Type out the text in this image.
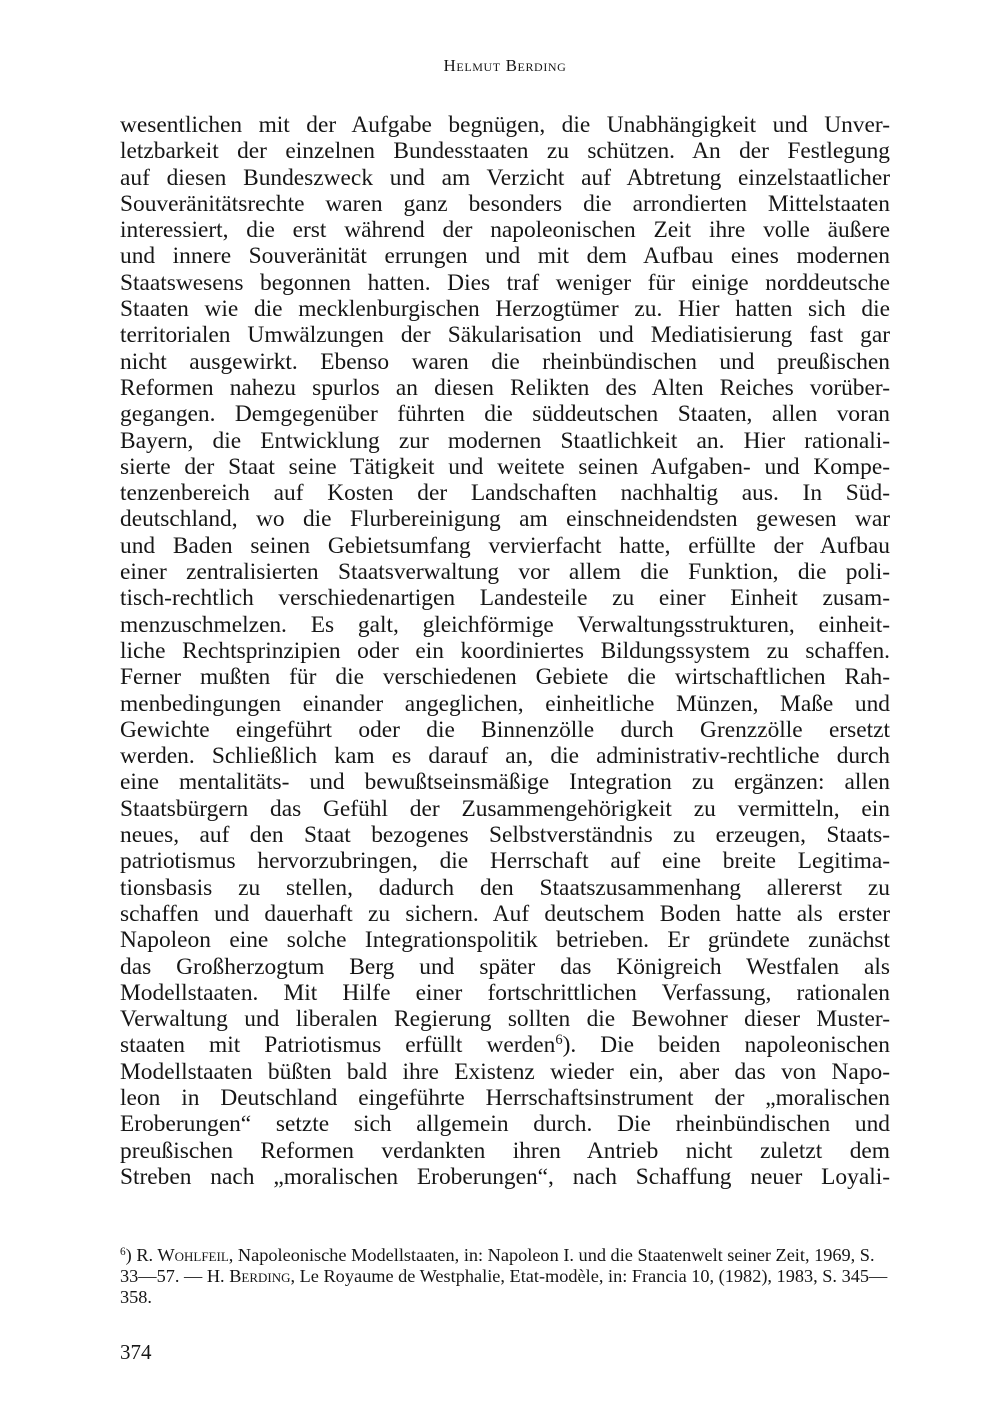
Helmut Berding
wesentlichen mit der Aufgabe begnügen, die Unabhängigkeit und Unver-
letzbarkeit der einzelnen Bundesstaaten zu schützen. An der Festlegung
auf diesen Bundeszweck und am Verzicht auf Abtretung einzelstaatlicher
Souveränitätsrechte waren ganz besonders die arrondierten Mittelstaaten
interessiert, die erst während der napoleonischen Zeit ihre volle äußere
und innere Souveränität errungen und mit dem Aufbau eines modernen
Staatswesens begonnen hatten. Dies traf weniger für einige norddeutsche
Staaten wie die mecklenburgischen Herzogtümer zu. Hier hatten sich die
territorialen Umwälzungen der Säkularisation und Mediatisierung fast gar
nicht ausgewirkt. Ebenso waren die rheinbündischen und preußischen
Reformen nahezu spurlos an diesen Relikten des Alten Reiches vorüber-
gegangen. Demgegenüber führten die süddeutschen Staaten, allen voran
Bayern, die Entwicklung zur modernen Staatlichkeit an. Hier rationali-
sierte der Staat seine Tätigkeit und weitete seinen Aufgaben- und Kompe-
tenzenbereich auf Kosten der Landschaften nachhaltig aus. In Süd-
deutschland, wo die Flurbereinigung am einschneidendsten gewesen war
und Baden seinen Gebietsumfang vervierfacht hatte, erfüllte der Aufbau
einer zentralisierten Staatsverwaltung vor allem die Funktion, die poli-
tisch-rechtlich verschiedenartigen Landesteile zu einer Einheit zusam-
menzuschmelzen. Es galt, gleichförmige Verwaltungsstrukturen, einheit-
liche Rechtsprinzipien oder ein koordiniertes Bildungssystem zu schaffen.
Ferner mußten für die verschiedenen Gebiete die wirtschaftlichen Rah-
menbedingungen einander angeglichen, einheitliche Münzen, Maße und
Gewichte eingeführt oder die Binnenzölle durch Grenzzölle ersetzt
werden. Schließlich kam es darauf an, die administrativ-rechtliche durch
eine mentalitäts- und bewußtseinsmäßige Integration zu ergänzen: allen
Staatsbürgern das Gefühl der Zusammengehörigkeit zu vermitteln, ein
neues, auf den Staat bezogenes Selbstverständnis zu erzeugen, Staats-
patriotismus hervorzubringen, die Herrschaft auf eine breite Legitima-
tionsbasis zu stellen, dadurch den Staatszusammenhang allererst zu
schaffen und dauerhaft zu sichern. Auf deutschem Boden hatte als erster
Napoleon eine solche Integrationspolitik betrieben. Er gründete zunächst
das Großherzogtum Berg und später das Königreich Westfalen als
Modellstaaten. Mit Hilfe einer fortschrittlichen Verfassung, rationalen
Verwaltung und liberalen Regierung sollten die Bewohner dieser Muster-
staaten mit Patriotismus erfüllt werden$^6$). Die beiden napoleonischen
Modellstaaten büßten bald ihre Existenz wieder ein, aber das von Napo-
leon in Deutschland eingeführte Herrschaftsinstrument der „moralischen
Eroberungen“ setzte sich allgemein durch. Die rheinbündischen und
preußischen Reformen verdankten ihren Antrieb nicht zuletzt dem
Streben nach „moralischen Eroberungen“, nach Schaffung neuer Loyali-

$^6$) R. Wohlfeil, Napoleonische Modellstaaten, in: Napoleon I. und die Staatenwelt seiner Zeit, 1969, S. 33—57. — H. Berding, Le Royaume de Westphalie, Etat-modèle, in: Francia 10, (1982), 1983, S. 345—358.

374
